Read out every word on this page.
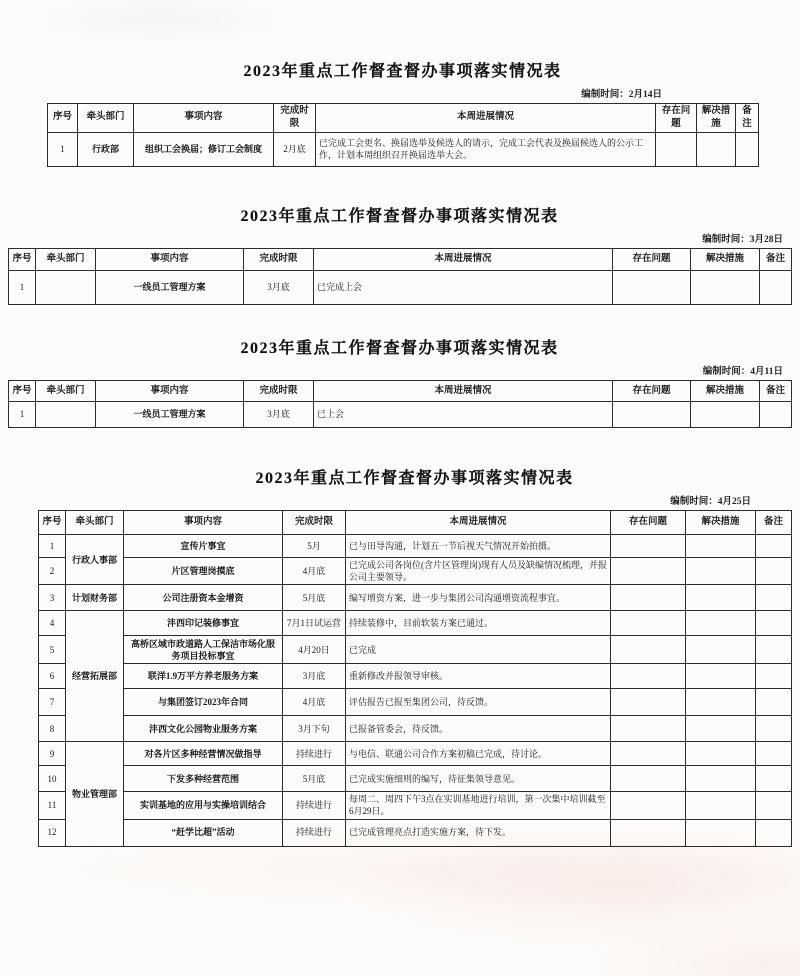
2023年重点工作督查督办事项落实情况表
编制时间：2月14日
序号	牵头部门	事项内容	完成时限	本周进展情况	存在问题	解决措施	备注
1	行政部	组织工会换届；修订工会制度	2月底	已完成工会更名、换届选举及候选人的请示，完成工会代表及换届候选人的公示工作，计划本周组织召开换届选举大会。			
2023年重点工作督查督办事项落实情况表
编制时间：3月28日
序号	牵头部门	事项内容	完成时限	本周进展情况	存在问题	解决措施	备注
1		一线员工管理方案	3月底	已完成上会			
2023年重点工作督查督办事项落实情况表
编制时间：4月11日
序号	牵头部门	事项内容	完成时限	本周进展情况	存在问题	解决措施	备注
1		一线员工管理方案	3月底	已上会			
2023年重点工作督查督办事项落实情况表
编制时间：4月25日
序号	牵头部门	事项内容	完成时限	本周进展情况	存在问题	解决措施	备注
1	行政人事部	宣传片事宜	5月	已与田导沟通，计划五一节后视天气情况开始拍摄。			
2		片区管理岗摸底	4月底	已完成公司各岗位(含片区管理岗)现有人员及缺编情况梳理，并报公司主要领导。			
3	计划财务部	公司注册资本金增资	5月底	编写增资方案，进一步与集团公司沟通增资流程事宜。			
4	经营拓展部	沣西印记装修事宜	7月1日试运营	持续装修中，目前软装方案已通过。			
5		高桥区域市政道路人工保洁市场化服务项目投标事宜	4月20日	已完成			
6		联洋1.9万平方养老服务方案	3月底	重新修改并报领导审核。			
7		与集团签订2023年合同	4月底	评估报告已报至集团公司，待反馈。			
8		沣西文化公园物业服务方案	3月下旬	已报备管委会，待反馈。			
9	物业管理部	对各片区多种经营情况做指导	持续进行	与电信、联通公司合作方案初稿已完成，待讨论。			
10		下发多种经营范围	5月底	已完成实施细则的编写，待征集领导意见。			
11		实训基地的应用与实操培训结合	持续进行	每周二、周四下午3点在实训基地进行培训，第一次集中培训截至6月29日。			
12		“赶学比超”活动	持续进行	已完成管理亮点打造实施方案，待下发。			
